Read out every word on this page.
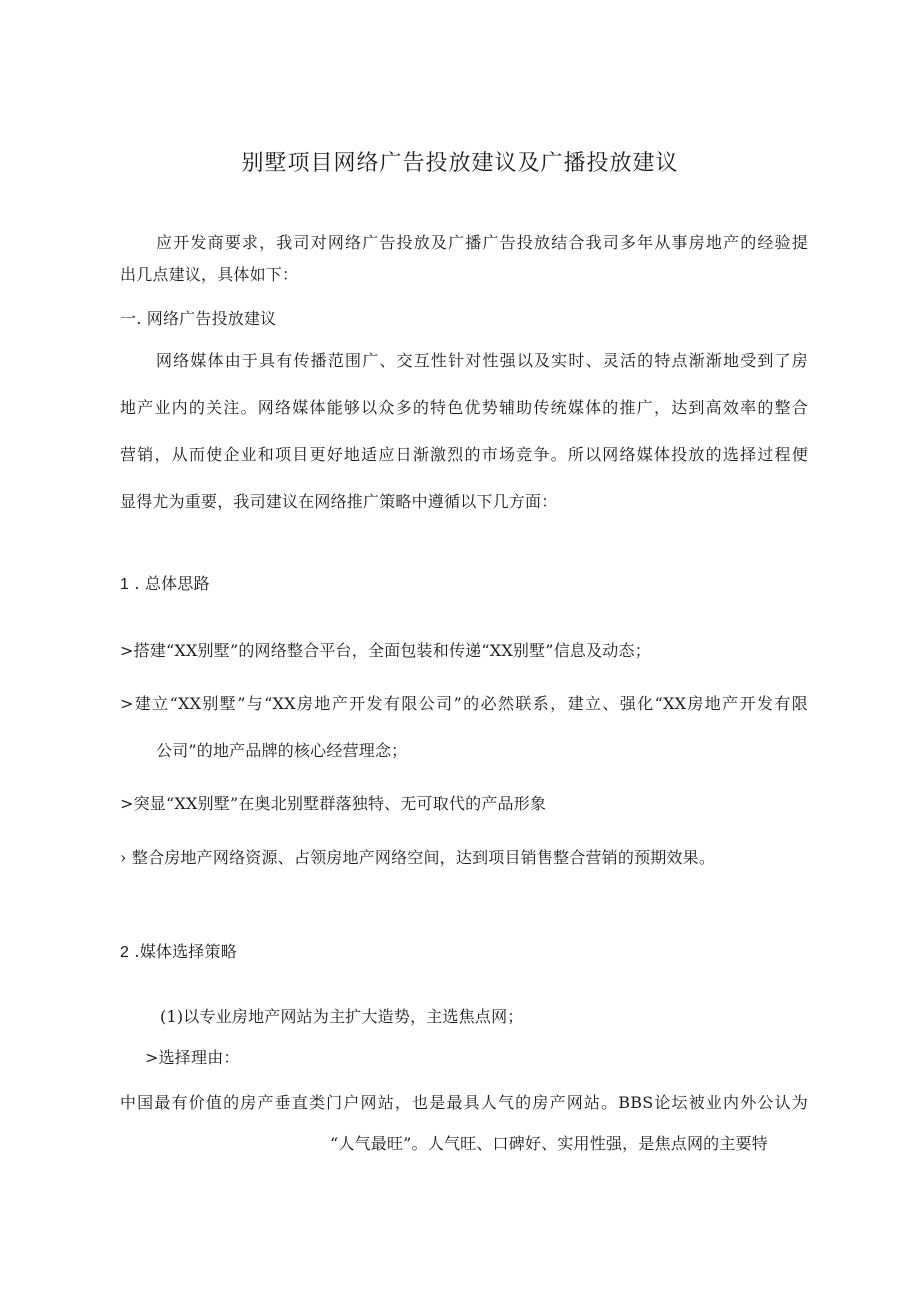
别墅项目网络广告投放建议及广播投放建议
应开发商要求，我司对网络广告投放及广播广告投放结合我司多年从事房地产的经验提
出几点建议，具体如下：
一. 网络广告投放建议
网络媒体由于具有传播范围广、交互性针对性强以及实时、灵活的特点渐渐地受到了房
地产业内的关注。网络媒体能够以众多的特色优势辅助传统媒体的推广，达到高效率的整合
营销，从而使企业和项目更好地适应日渐激烈的市场竞争。所以网络媒体投放的选择过程便
显得尤为重要，我司建议在网络推广策略中遵循以下几方面：
1 . 总体思路
>搭建“XX别墅”的网络整合平台，全面包装和传递“XX别墅”信息及动态；
>建立“XX别墅”与“XX房地产开发有限公司”的必然联系，建立、强化“XX房地产开发有限
公司”的地产品牌的核心经营理念；
>突显“XX别墅”在奥北别墅群落独特、无可取代的产品形象
› 整合房地产网络资源、占领房地产网络空间，达到项目销售整合营销的预期效果。
2 .媒体选择策略
(1)以专业房地产网站为主扩大造势，主选焦点网；
>选择理由：
中国最有价值的房产垂直类门户网站，也是最具人气的房产网站。BBS论坛被业内外公认为
“人气最旺”。人气旺、口碑好、实用性强，是焦点网的主要特
